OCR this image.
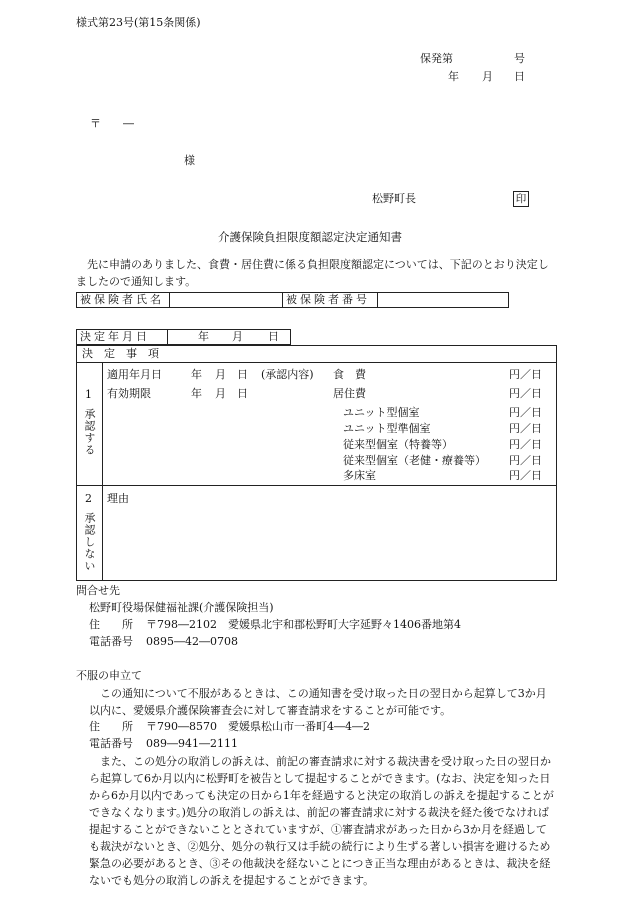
様式第23号(第15条関係)
保発第	号
年 月 日
〒 ―
様
松野町長	印
介護保険負担限度額認定決定通知書
先に申請のありました、食費・居住費に係る負担限度額認定については、下記のとおり決定しましたので通知します。
被保険者氏名		被保険者番号	
決定年月日	年 月 日
決　定　事　項
1
承認する
適用年月日	年 月 日 (承認内容) 食　費	円／日
有効期限	年 月 日	居住費	円／日
ユニット型個室	円／日
ユニット型準個室	円／日
従来型個室（特養等）	円／日
従来型個室（老健・療養等） 円／日
多床室	円／日
2
承認しない
理由
問合せ先
松野町役場保健福祉課(介護保険担当)
住　　所 〒798―2102　愛媛県北宇和郡松野町大字延野々1406番地第4
電話番号 0895―42―0708
不服の申立て
この通知について不服があるときは、この通知書を受け取った日の翌日から起算して3か月以内に、愛媛県介護保険審査会に対して審査請求をすることが可能です。
住　　所 〒790―8570　愛媛県松山市一番町4―4―2
電話番号 089―941―2111
また、この処分の取消しの訴えは、前記の審査請求に対する裁決書を受け取った日の翌日から起算して6か月以内に松野町を被告として提起することができます。(なお、決定を知った日から6か月以内であっても決定の日から1年を経過すると決定の取消しの訴えを提起することができなくなります。)処分の取消しの訴えは、前記の審査請求に対する裁決を経た後でなければ提起することができないこととされていますが、①審査請求があった日から3か月を経過しても裁決がないとき、②処分、処分の執行又は手続の続行により生ずる著しい損害を避けるため緊急の必要があるとき、③その他裁決を経ないことにつき正当な理由があるときは、裁決を経ないでも処分の取消しの訴えを提起することができます。
